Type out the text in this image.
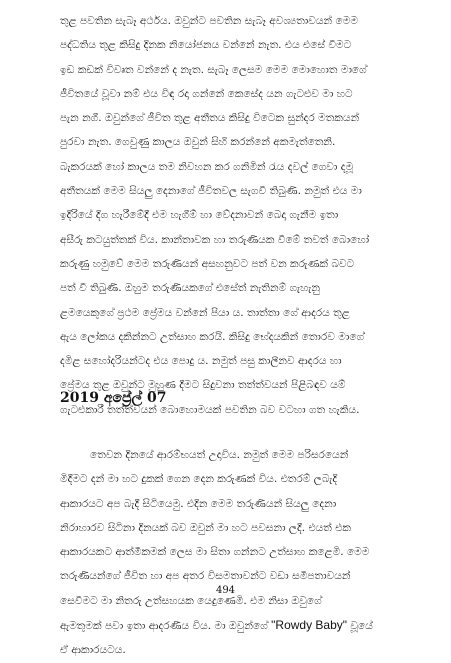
තුළ පවතින සැබෑ අර්ථය. ඔවුන්ට පවතින සැබෑ අවශ්‍යතාවයන් මෙම
පද්ධතිය තුළ කිසිදු දිනක නියෝජනය වන්නේ නැත. එය එසේ වීමට
ඉඩ කඩක් විවෘත වන්නේ ද නැත. සැබෑ ලෙසම මෙම මොහොත මාගේ
ජීවිතයේ වූවා නම් එය විඳ රදා ගන්නේ කෙසේද යන ගැටළුව මා හට
පැන නගී. ඔවුන්ගේ ජීවිත තුළ අතීතය කිසිදු විටෙක සුන්දර මතකයන්
පුරවා නැත. ගෙවුණු කාලය ඔවුන් සිහි කරන්නේ අකමැත්තෙනි.
බැකරයක් හෝ කාලය තම නිවහන කර ගනිමින් රැය දවල් ගෙවා දමූ
අතීතයක් මෙම සියලු දෙනාගේ ජීවිතවල සැගවී තිබුණි. නමුත් එය මා
ඉදිරියේ දිග හැරීමේදී එම හැගීම් හා වේදනාවන් බෙදා ගැනීම ඉතා
අසීරු කටයුත්තක් විය. කාන්තාවක හා තරුණියක වීමේ තවත් බොහෝ
කරුණු හමුවේ මෙම තරුණියන් අසහනුවට පත් වන කරුණක් බවට
පත් වී තිබුණි. ඔහුම තරුණියකගේ එසේත් නැතිනම් ගැහැනු
ළමයෙකුගේ ප්‍රථම ප්‍රේමය වන්නේ පියා ය. තාත්තා ගේ ආදරය තුළ
ඇය ලෝකය දකින්නට උත්සාහ කරයි. කිසිදු භේදයකින් තොරව මාගේ
දමිළ සහෝදරියන්ටද එය පොදු ය. නමුත් පසු කාලීනව ආදරය හා
ප්‍රේමය තුළ ඔවුන්ට මුහුණ දීමට සිදුවනා තත්ත්වයන් පිළිබඳව යම්
ගැටළුකාරී තත්ත්වයන් බොහොමයක් පවතින බව වටහා ගත හැකිය.
2019 අප්‍රේල් 07
තෙවන දිනයේ ආරම්භයත් උදාවිය. නමුත් මෙම පරිසරයෙන්
මිදීමට දන් මා හට දුකක් ගෙන දෙන කරුණක් විය. එතරම් ලබැදි
ආකාරයට අප බැදී සිටියෙමු. එදින මෙම තරුණියන් සියලු දෙනා
නිරාහාරව සිටිනා දිනයක් බව ඔවුන් මා හට පවසනා ලදී. එයත් එක
ආකාරයකට ආත්මීකමක් ලෙස මා සිතා ගන්නට උත්සාහ කළෙමි. මෙම
තරුණියන්ගේ ජීවිත හා අප අතර විසමතාවන්ට වඩා සමීපතාවයන්
සෙවීමට මා නිතරු උත්සහයක යෙදුණෙමි. එම නිසා ඔවුගේ
ඇමතුමක් පවා ඉතා ආදරණීය විය. මා ඔවුන්ගේ "Rowdy Baby" වූයේ
ඒ ආකාරයටය.
494
